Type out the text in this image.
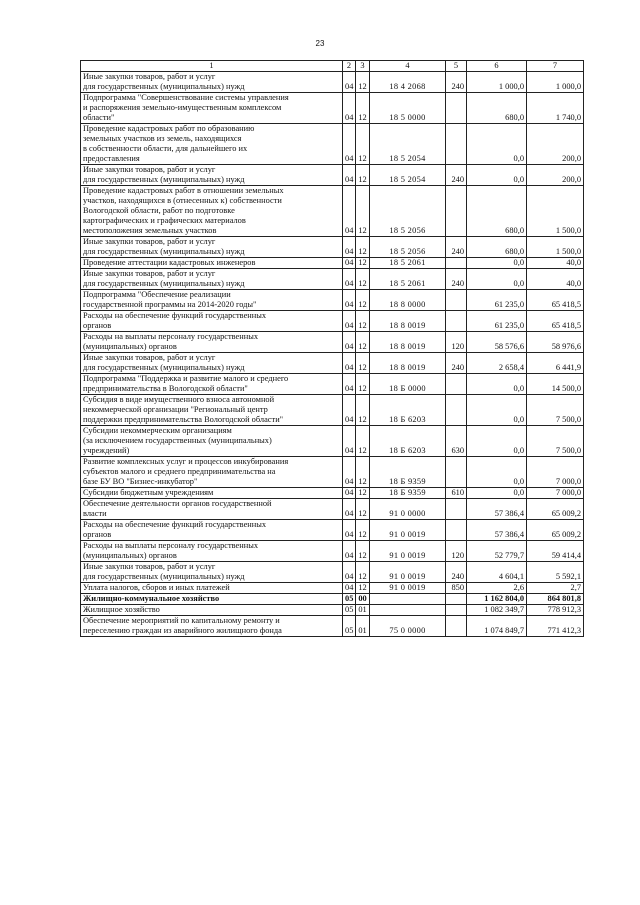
23
1	2	3	4	5	6	7
Иные закупки товаров, работ и услуг
для государственных (муниципальных) нужд	04	12	18 4 2068	240	1 000,0	1 000,0
Подпрограмма "Совершенствование системы управления
и распоряжения земельно-имущественным комплексом
области"	04	12	18 5 0000		680,0	1 740,0
Проведение кадастровых работ по образованию
земельных участков из земель, находящихся
в собственности области, для дальнейшего их
предоставления	04	12	18 5 2054		0,0	200,0
Иные закупки товаров, работ и услуг
для государственных (муниципальных) нужд	04	12	18 5 2054	240	0,0	200,0
Проведение кадастровых работ в отношении земельных
участков, находящихся в (отнесенных к) собственности
Вологодской области, работ по подготовке
картографических и графических материалов
местоположения земельных участков	04	12	18 5 2056		680,0	1 500,0
Иные закупки товаров, работ и услуг
для государственных (муниципальных) нужд	04	12	18 5 2056	240	680,0	1 500,0
Проведение аттестации кадастровых инженеров	04	12	18 5 2061		0,0	40,0
Иные закупки товаров, работ и услуг
для государственных (муниципальных) нужд	04	12	18 5 2061	240	0,0	40,0
Подпрограмма "Обеспечение реализации
государственной программы на 2014-2020 годы"	04	12	18 8 0000		61 235,0	65 418,5
Расходы на обеспечение функций государственных
органов	04	12	18 8 0019		61 235,0	65 418,5
Расходы на выплаты персоналу государственных
(муниципальных) органов	04	12	18 8 0019	120	58 576,6	58 976,6
Иные закупки товаров, работ и услуг
для государственных (муниципальных) нужд	04	12	18 8 0019	240	2 658,4	6 441,9
Подпрограмма "Поддержка и развитие малого и среднего
предпринимательства в Вологодской области"	04	12	18 Б 0000		0,0	14 500,0
Субсидия в виде имущественного взноса автономной
некоммерческой организации "Региональный центр
поддержки предпринимательства Вологодской области"	04	12	18 Б 6203		0,0	7 500,0
Субсидии некоммерческим организациям
(за исключением государственных (муниципальных)
учреждений)	04	12	18 Б 6203	630	0,0	7 500,0
Развитие комплексных услуг и процессов инкубирования
субъектов малого и среднего предпринимательства на
базе БУ ВО "Бизнес-инкубатор"	04	12	18 Б 9359		0,0	7 000,0
Субсидии бюджетным учреждениям	04	12	18 Б 9359	610	0,0	7 000,0
Обеспечение деятельности органов государственной
власти	04	12	91 0 0000		57 386,4	65 009,2
Расходы на обеспечение функций государственных
органов	04	12	91 0 0019		57 386,4	65 009,2
Расходы на выплаты персоналу государственных
(муниципальных) органов	04	12	91 0 0019	120	52 779,7	59 414,4
Иные закупки товаров, работ и услуг
для государственных (муниципальных) нужд	04	12	91 0 0019	240	4 604,1	5 592,1
Уплата налогов, сборов и иных платежей	04	12	91 0 0019	850	2,6	2,7
Жилищно-коммунальное хозяйство	05	00			1 162 804,0	864 801,8
Жилищное хозяйство	05	01			1 082 349,7	778 912,3
Обеспечение мероприятий по капитальному ремонту и
переселению граждан из аварийного жилищного фонда	05	01	75 0 0000		1 074 849,7	771 412,3
